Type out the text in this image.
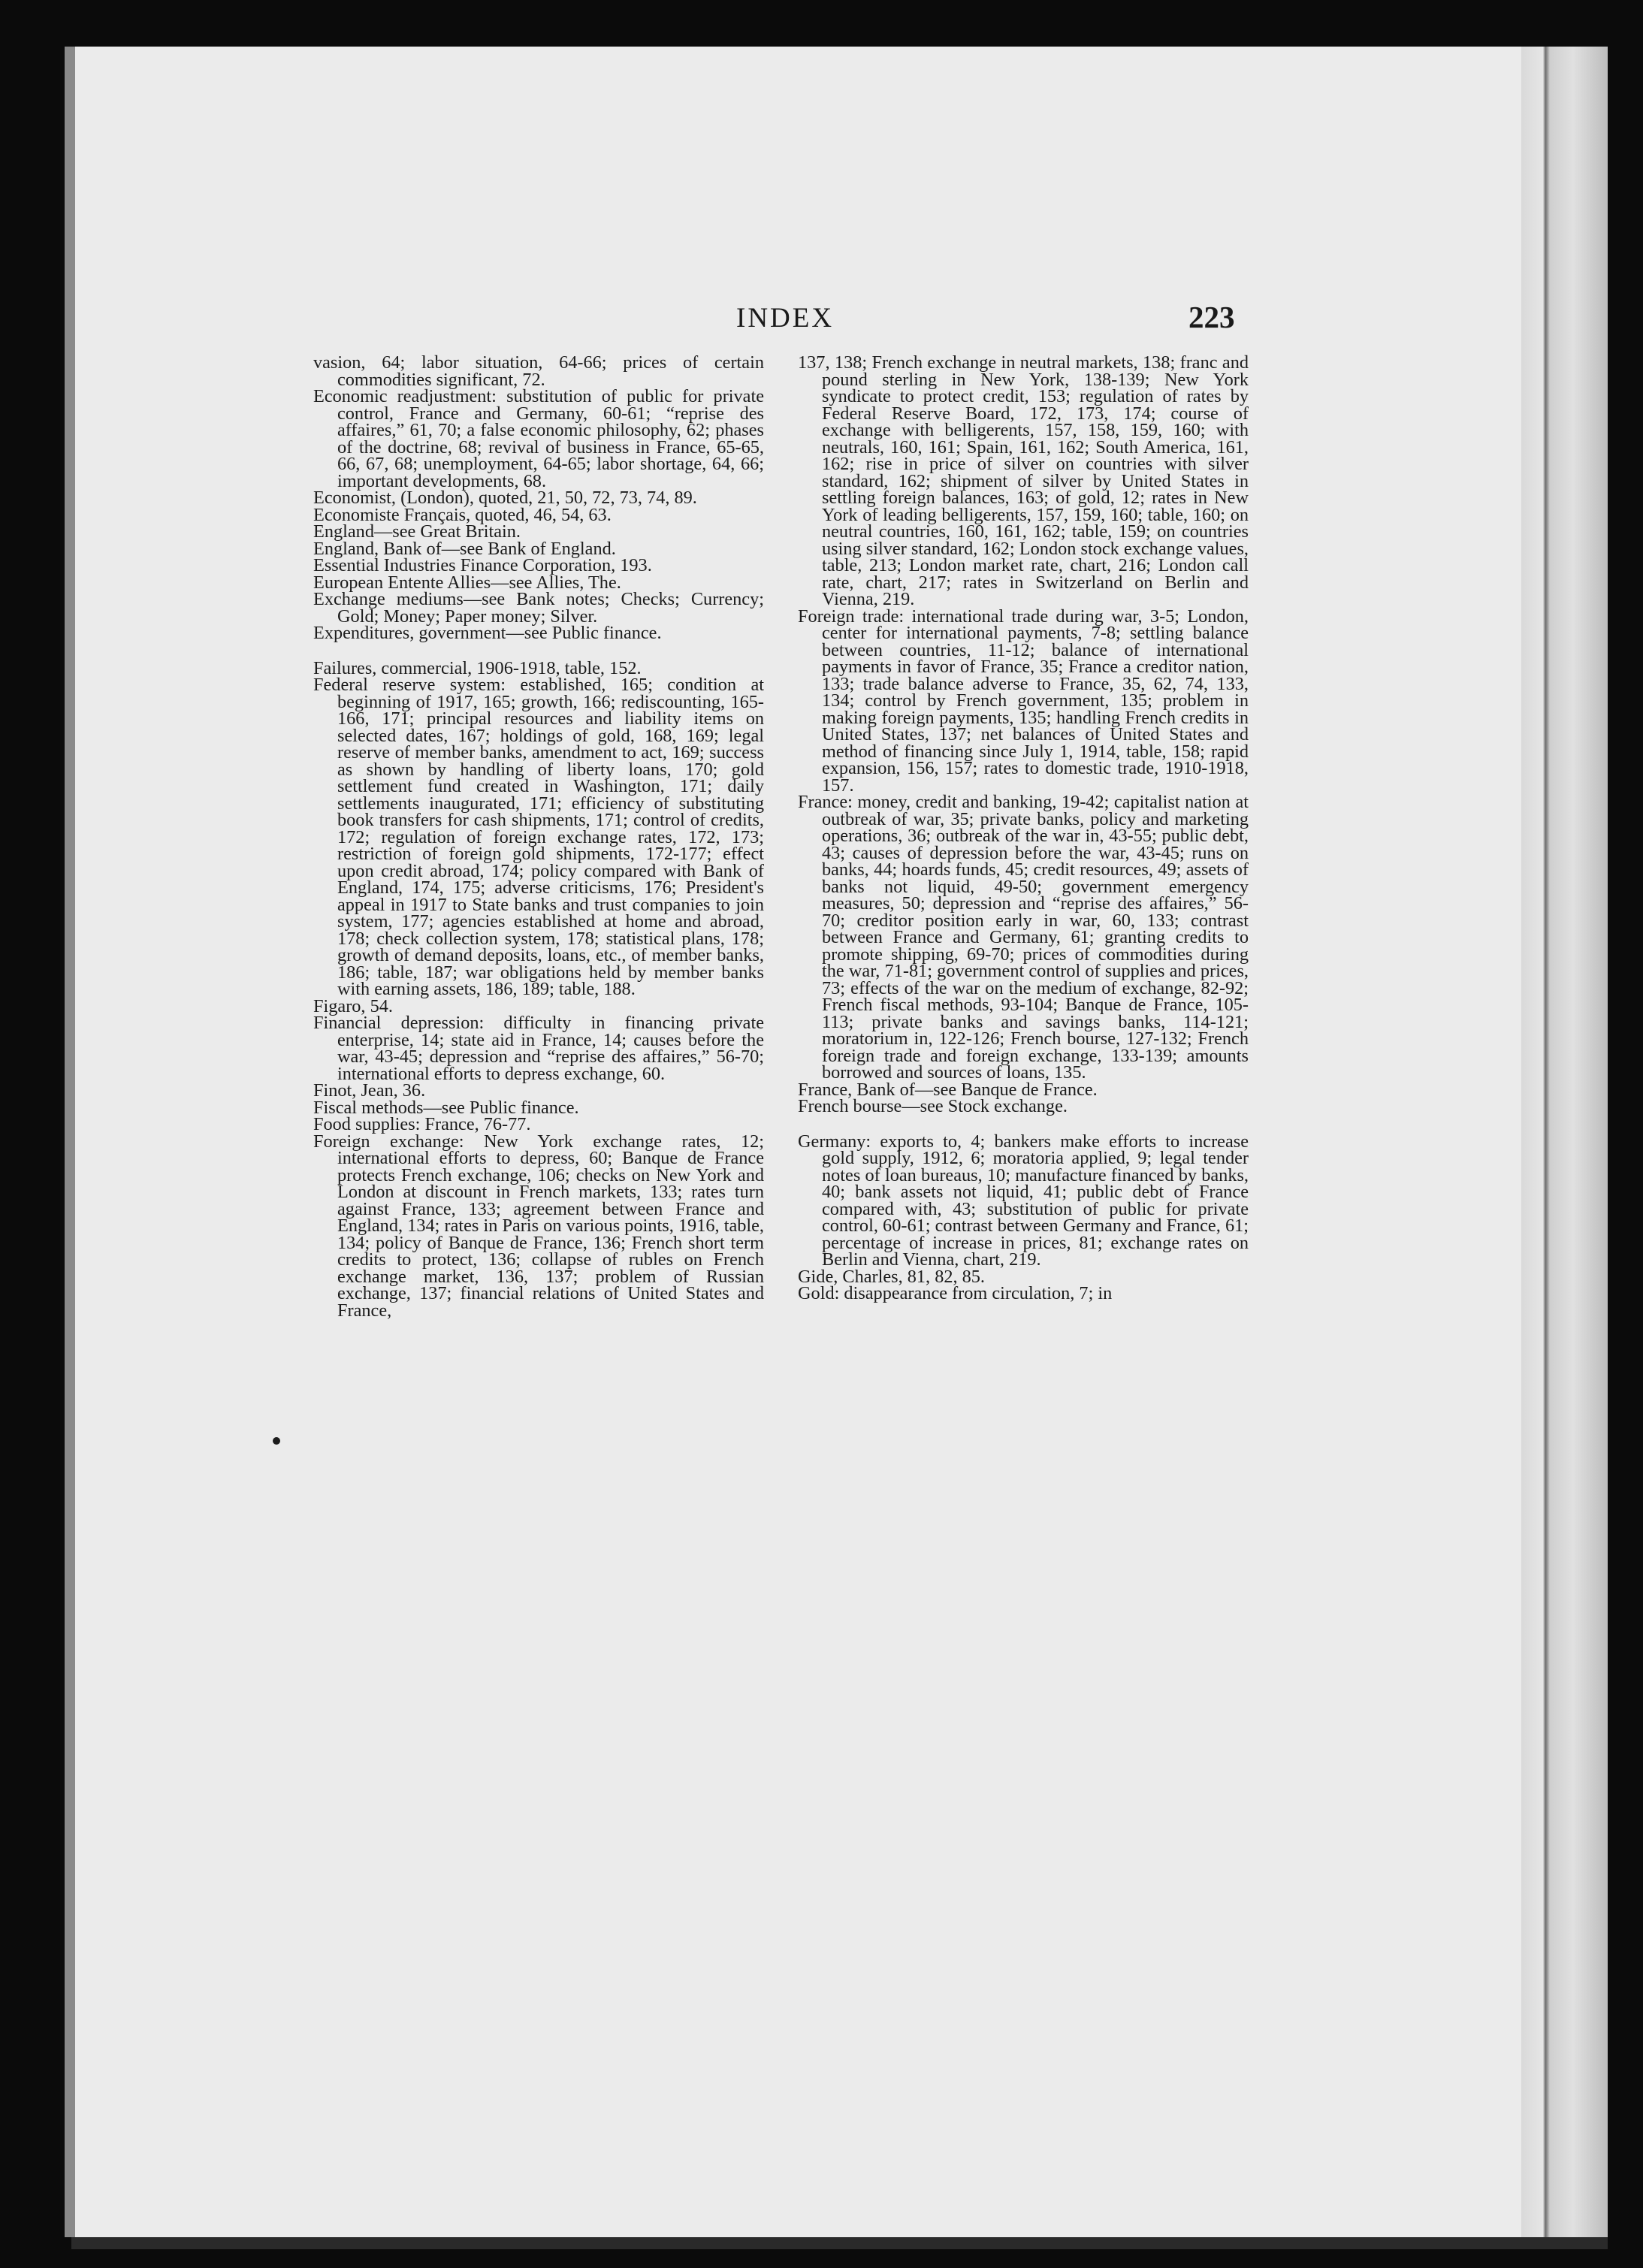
INDEX	223

vasion, 64; labor situation, 64-66; prices of certain commodities significant, 72.

Economic readjustment: substitution of public for private control, France and Germany, 60-61; “reprise des affaires,” 61, 70; a false economic philosophy, 62; phases of the doctrine, 68; revival of business in France, 65-65, 66, 67, 68; unemployment, 64-65; labor shortage, 64, 66; important developments, 68.

Economist, (London), quoted, 21, 50, 72, 73, 74, 89.

Economiste Français, quoted, 46, 54, 63.

England—see Great Britain.

England, Bank of—see Bank of England.

Essential Industries Finance Corporation, 193.

European Entente Allies—see Allies, The.

Exchange mediums—see Bank notes; Checks; Currency; Gold; Money; Paper money; Silver.

Expenditures, government—see Public finance.

Failures, commercial, 1906-1918, table, 152.

Federal reserve system: established, 165; condition at beginning of 1917, 165; growth, 166; rediscounting, 165-166, 171; principal resources and liability items on selected dates, 167; holdings of gold, 168, 169; legal reserve of member banks, amendment to act, 169; success as shown by handling of liberty loans, 170; gold settlement fund created in Washington, 171; daily settlements inaugurated, 171; efficiency of substituting book transfers for cash shipments, 171; control of credits, 172; regulation of foreign exchange rates, 172, 173; restriction of foreign gold shipments, 172-177; effect upon credit abroad, 174; policy compared with Bank of England, 174, 175; adverse criticisms, 176; President's appeal in 1917 to State banks and trust companies to join system, 177; agencies established at home and abroad, 178; check collection system, 178; statistical plans, 178; growth of demand deposits, loans, etc., of member banks, 186; table, 187; war obligations held by member banks with earning assets, 186, 189; table, 188.

Figaro, 54.

Financial depression: difficulty in financing private enterprise, 14; state aid in France, 14; causes before the war, 43-45; depression and “reprise des affaires,” 56-70; international efforts to depress exchange, 60.

Finot, Jean, 36.

Fiscal methods—see Public finance.

Food supplies: France, 76-77.

Foreign exchange: New York exchange rates, 12; international efforts to depress, 60; Banque de France protects French exchange, 106; checks on New York and London at discount in French markets, 133; rates turn against France, 133; agreement between France and England, 134; rates in Paris on various points, 1916, table, 134; policy of Banque de France, 136; French short term credits to protect, 136; collapse of rubles on French exchange market, 136, 137; problem of Russian exchange, 137; financial relations of United States and France,

137, 138; French exchange in neutral markets, 138; franc and pound sterling in New York, 138-139; New York syndicate to protect credit, 153; regulation of rates by Federal Reserve Board, 172, 173, 174; course of exchange with belligerents, 157, 158, 159, 160; with neutrals, 160, 161; Spain, 161, 162; South America, 161, 162; rise in price of silver on countries with silver standard, 162; shipment of silver by United States in settling foreign balances, 163; of gold, 12; rates in New York of leading belligerents, 157, 159, 160; table, 160; on neutral countries, 160, 161, 162; table, 159; on countries using silver standard, 162; London stock exchange values, table, 213; London market rate, chart, 216; London call rate, chart, 217; rates in Switzerland on Berlin and Vienna, 219.

Foreign trade: international trade during war, 3-5; London, center for international payments, 7-8; settling balance between countries, 11-12; balance of international payments in favor of France, 35; France a creditor nation, 133; trade balance adverse to France, 35, 62, 74, 133, 134; control by French government, 135; problem in making foreign payments, 135; handling French credits in United States, 137; net balances of United States and method of financing since July 1, 1914, table, 158; rapid expansion, 156, 157; rates to domestic trade, 1910-1918, 157.

France: money, credit and banking, 19-42; capitalist nation at outbreak of war, 35; private banks, policy and marketing operations, 36; outbreak of the war in, 43-55; public debt, 43; causes of depression before the war, 43-45; runs on banks, 44; hoards funds, 45; credit resources, 49; assets of banks not liquid, 49-50; government emergency measures, 50; depression and “reprise des affaires,” 56-70; creditor position early in war, 60, 133; contrast between France and Germany, 61; granting credits to promote shipping, 69-70; prices of commodities during the war, 71-81; government control of supplies and prices, 73; effects of the war on the medium of exchange, 82-92; French fiscal methods, 93-104; Banque de France, 105-113; private banks and savings banks, 114-121; moratorium in, 122-126; French bourse, 127-132; French foreign trade and foreign exchange, 133-139; amounts borrowed and sources of loans, 135.

France, Bank of—see Banque de France.

French bourse—see Stock exchange.

Germany: exports to, 4; bankers make efforts to increase gold supply, 1912, 6; moratoria applied, 9; legal tender notes of loan bureaus, 10; manufacture financed by banks, 40; bank assets not liquid, 41; public debt of France compared with, 43; substitution of public for private control, 60-61; contrast between Germany and France, 61; percentage of increase in prices, 81; exchange rates on Berlin and Vienna, chart, 219.

Gide, Charles, 81, 82, 85.

Gold: disappearance from circulation, 7; in
